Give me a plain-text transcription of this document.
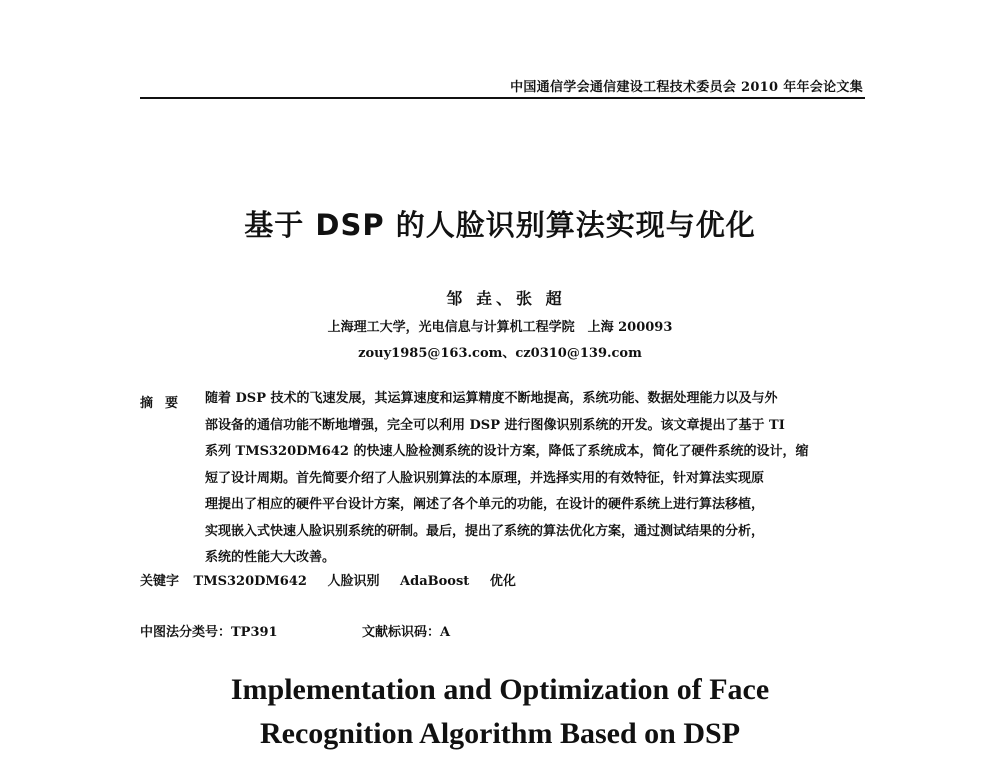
中国通信学会通信建设工程技术委员会 2010 年年会论文集
基于 DSP 的人脸识别算法实现与优化
邹 垚、张 超
上海理工大学，光电信息与计算机工程学院　上海 200093
zouy1985@163.com、cz0310@139.com
摘要 随着 DSP 技术的飞速发展，其运算速度和运算精度不断地提高，系统功能、数据处理能力以及与外
部设备的通信功能不断地增强，完全可以利用 DSP 进行图像识别系统的开发。该文章提出了基于 TI
系列 TMS320DM642 的快速人脸检测系统的设计方案，降低了系统成本，简化了硬件系统的设计，缩
短了设计周期。首先简要介绍了人脸识别算法的本原理，并选择实用的有效特征，针对算法实现原
理提出了相应的硬件平台设计方案，阐述了各个单元的功能，在设计的硬件系统上进行算法移植，
实现嵌入式快速人脸识别系统的研制。最后，提出了系统的算法优化方案，通过测试结果的分析，
系统的性能大大改善。
关键字 TMS320DM642 人脸识别 AdaBoost 优化
中图法分类号：TP391	文献标识码：A
Implementation and Optimization of Face
Recognition Algorithm Based on DSP
